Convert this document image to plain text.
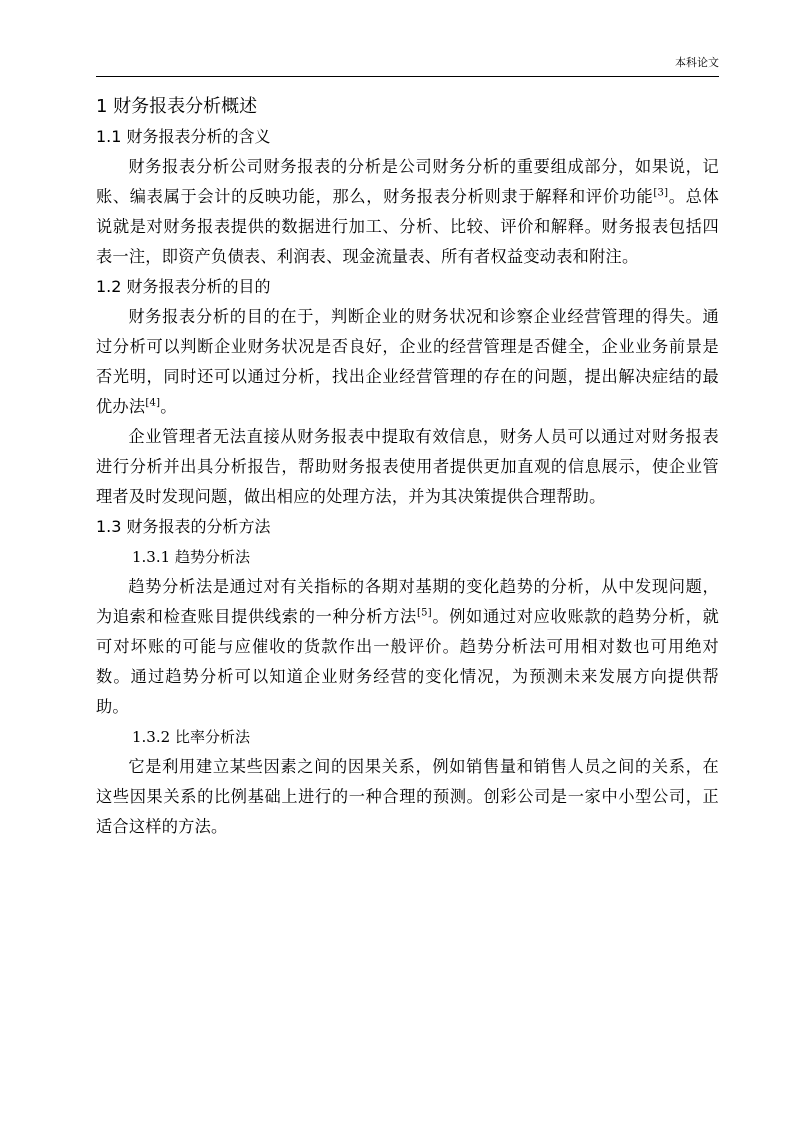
本科论文
1 财务报表分析概述
1.1 财务报表分析的含义

财务报表分析公司财务报表的分析是公司财务分析的重要组成部分，如果说，记账、编表属于会计的反映功能，那么，财务报表分析则隶于解释和评价功能[3]。总体说就是对财务报表提供的数据进行加工、分析、比较、评价和解释。财务报表包括四表一注，即资产负债表、利润表、现金流量表、所有者权益变动表和附注。

1.2 财务报表分析的目的

财务报表分析的目的在于，判断企业的财务状况和诊察企业经营管理的得失。通过分析可以判断企业财务状况是否良好，企业的经营管理是否健全，企业业务前景是否光明，同时还可以通过分析，找出企业经营管理的存在的问题，提出解决症结的最优办法[4]。

企业管理者无法直接从财务报表中提取有效信息，财务人员可以通过对财务报表进行分析并出具分析报告，帮助财务报表使用者提供更加直观的信息展示，使企业管理者及时发现问题，做出相应的处理方法，并为其决策提供合理帮助。

1.3 财务报表的分析方法
1.3.1 趋势分析法

趋势分析法是通过对有关指标的各期对基期的变化趋势的分析，从中发现问题，为追索和检查账目提供线索的一种分析方法[5]。例如通过对应收账款的趋势分析，就可对坏账的可能与应催收的货款作出一般评价。趋势分析法可用相对数也可用绝对数。通过趋势分析可以知道企业财务经营的变化情况，为预测未来发展方向提供帮助。

1.3.2 比率分析法

它是利用建立某些因素之间的因果关系，例如销售量和销售人员之间的关系，在这些因果关系的比例基础上进行的一种合理的预测。创彩公司是一家中小型公司，正适合这样的方法。
